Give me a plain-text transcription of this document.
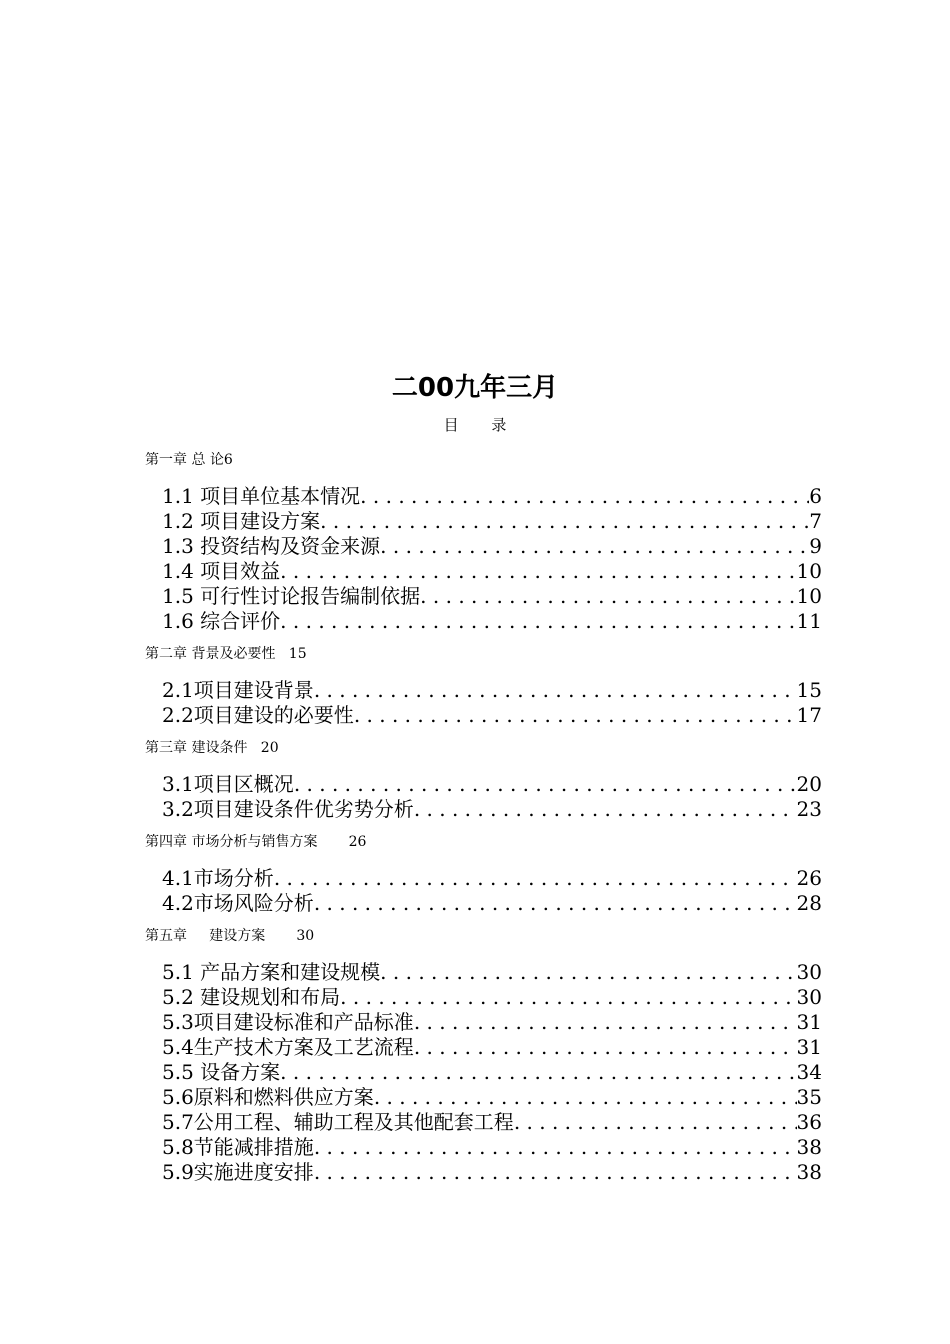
二00九年三月
目 录
第一章 总 论6
1.1 项目单位基本情况 . . .	6
1.2 项目建设方案 . . .	7
1.3 投资结构及资金来源 . . .	9
1.4 项目效益 . . .	10
1.5 可行性讨论报告编制依据 . . .	10
1.6 综合评价 . . .	11
第二章 背景及必要性   15
2.1项目建设背景 . . .	15
2.2项目建设的必要性 . . .	17
第三章 建设条件   20
3.1项目区概况 . . .	20
3.2项目建设条件优劣势分析 . . .	23
第四章 市场分析与销售方案       26
4.1市场分析 . . .	26
4.2市场风险分析 . . .	28
第五章     建设方案       30
5.1 产品方案和建设规模 . . .	30
5.2 建设规划和布局 . . .	30
5.3项目建设标准和产品标准 . . .	31
5.4生产技术方案及工艺流程 . . .	31
5.5 设备方案 . . .	34
5.6原料和燃料供应方案 . . .	35
5.7公用工程、辅助工程及其他配套工程 . . .	36
5.8节能减排措施 . . .	38
5.9实施进度安排 . . .	38
